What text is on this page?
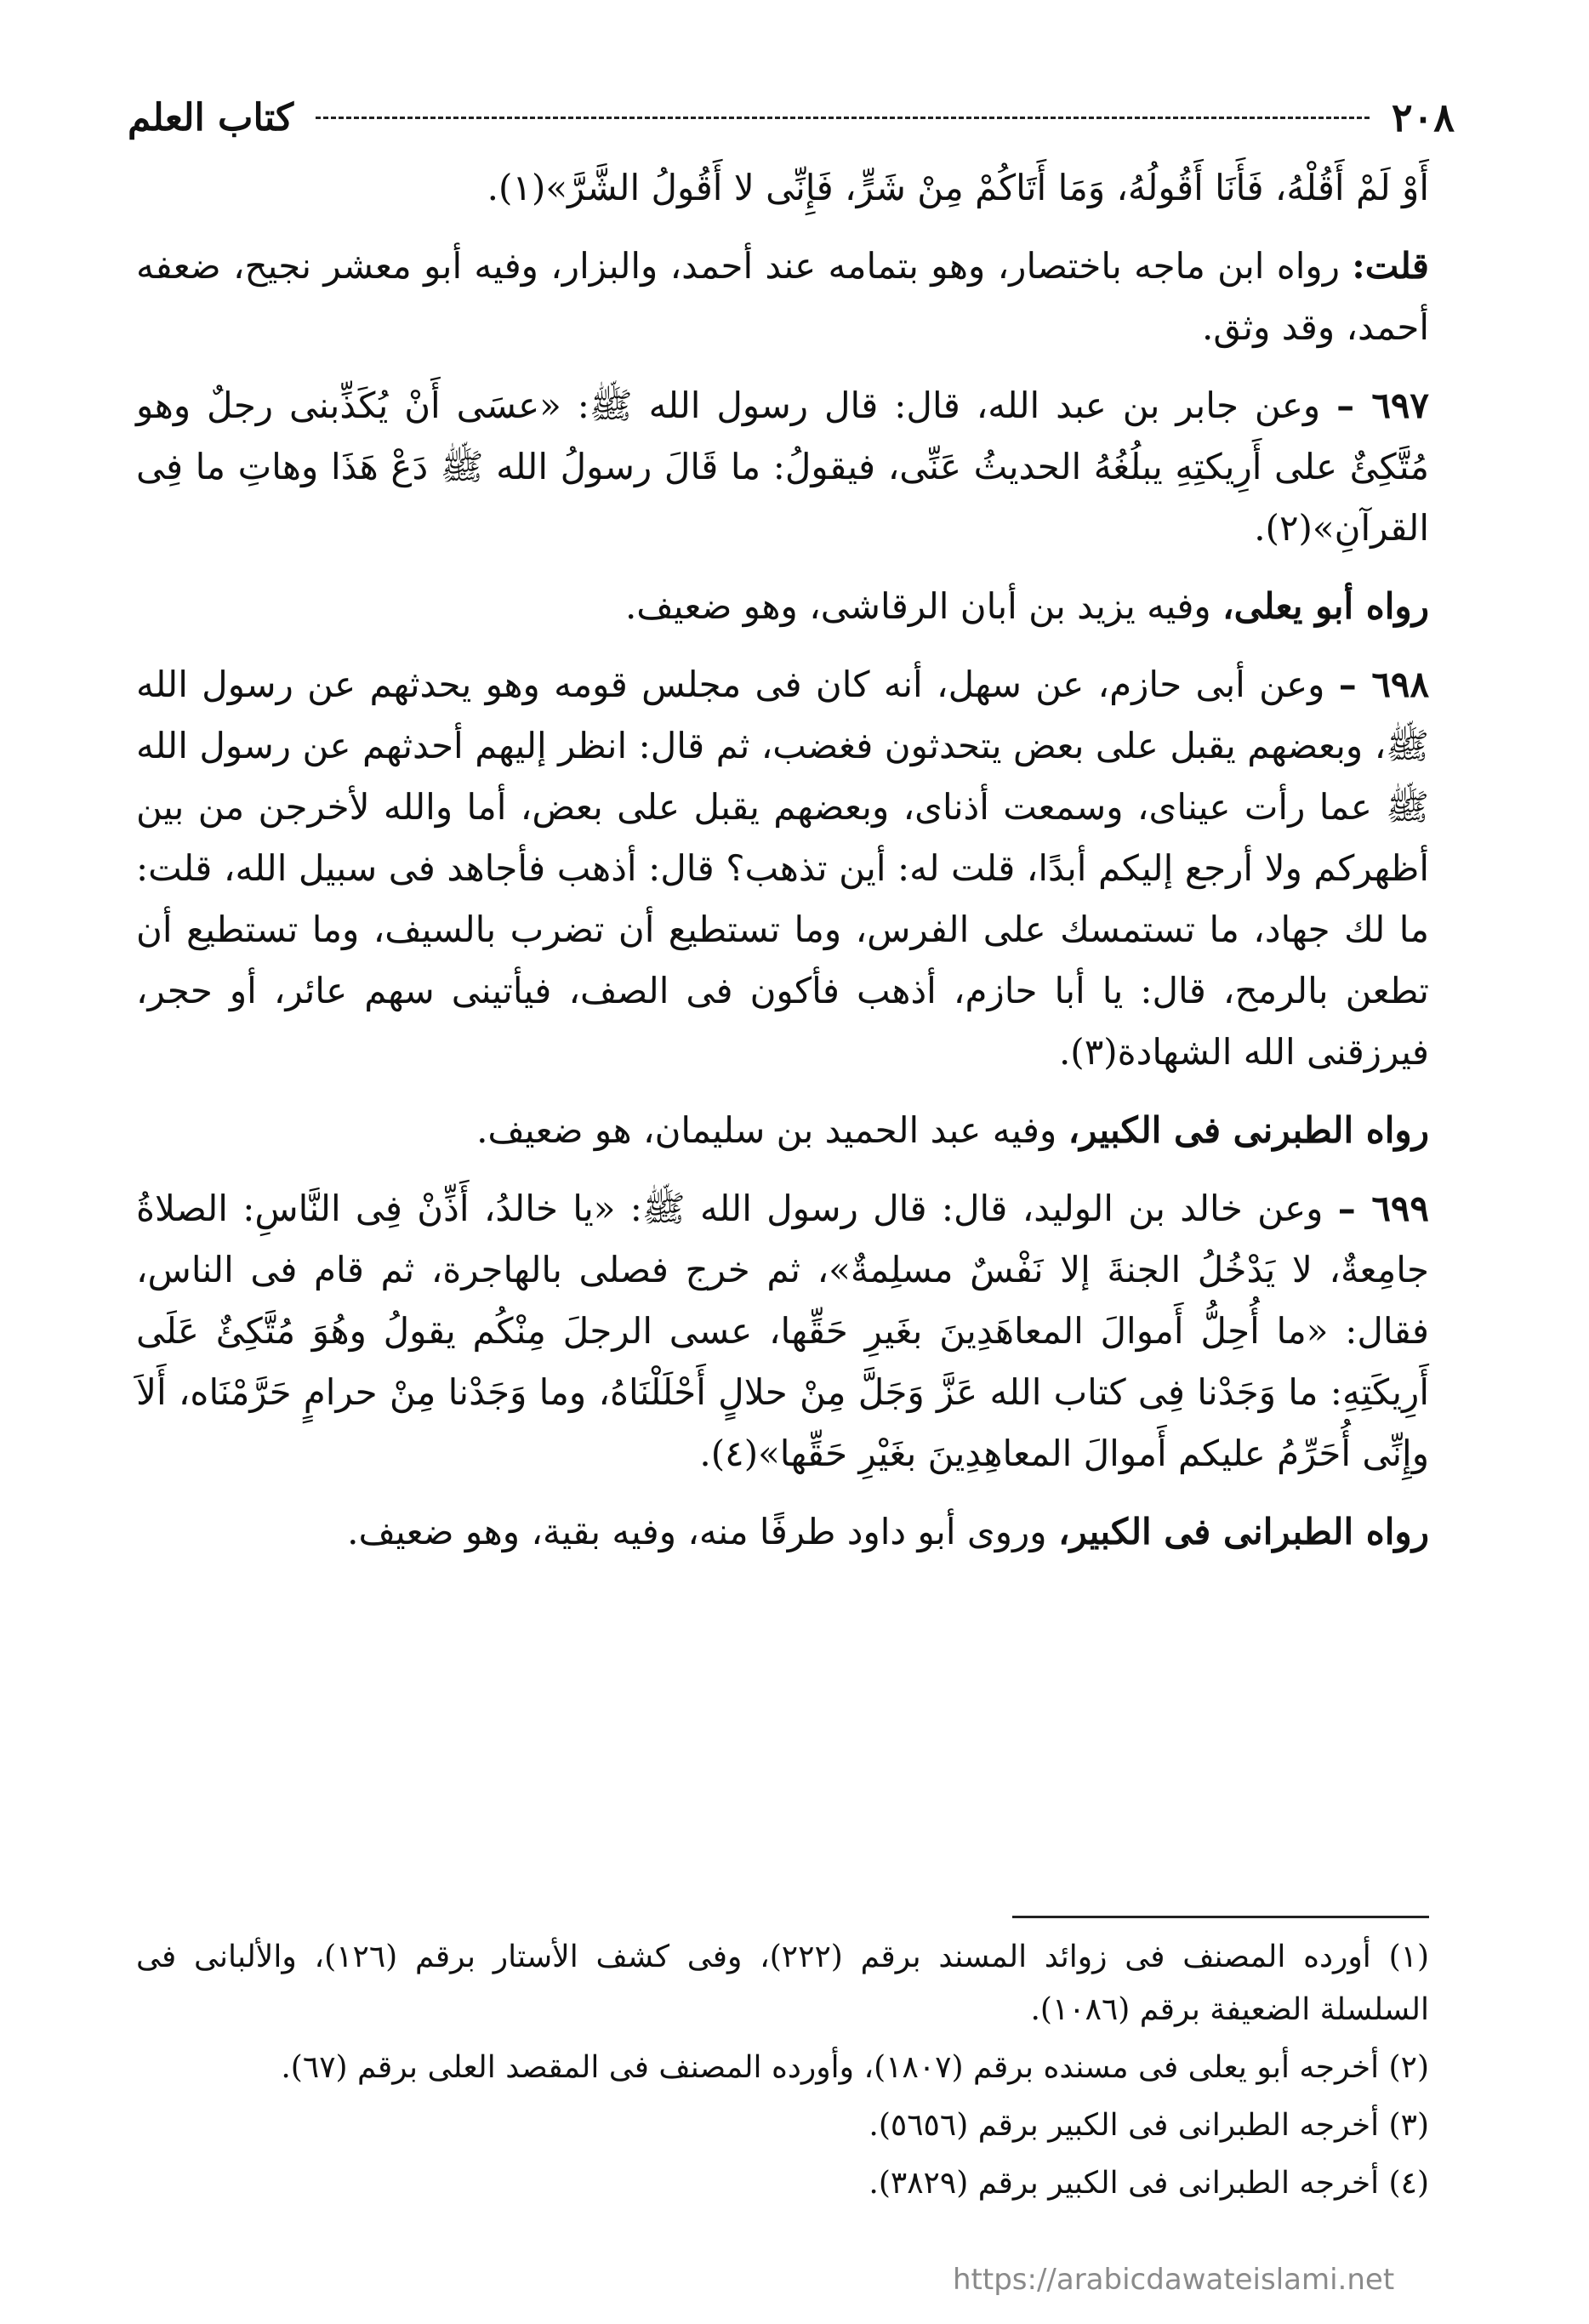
٢٠٨
كتاب العلم

أَوْ لَمْ أَقُلْهُ، فَأَنَا أَقُولُهُ، وَمَا أَتَاكُمْ مِنْ شَرٍّ، فَإِنِّى لا أَقُولُ الشَّرَّ»(١).

قلت: رواه ابن ماجه باختصار، وهو بتمامه عند أحمد، والبزار، وفيه أبو معشر نجيح، ضعفه أحمد، وقد وثق.

٦٩٧ – وعن جابر بن عبد الله، قال: قال رسول الله ﷺ: «عسَى أَنْ يُكَذِّبنى رجلٌ وهو مُتَّكِئٌ على أَرِيكتِهِ يبلُغُهُ الحديثُ عَنِّى، فيقولُ: ما قَالَ رسولُ الله ﷺ دَعْ هَذَا وهاتِ ما فِى القرآنِ»(٢).

رواه أبو يعلى، وفيه يزيد بن أبان الرقاشى، وهو ضعيف.

٦٩٨ – وعن أبى حازم، عن سهل، أنه كان فى مجلس قومه وهو يحدثهم عن رسول الله ﷺ، وبعضهم يقبل على بعض يتحدثون فغضب، ثم قال: انظر إليهم أحدثهم عن رسول الله ﷺ عما رأت عيناى، وسمعت أذناى، وبعضهم يقبل على بعض، أما والله لأخرجن من بين أظهركم ولا أرجع إليكم أبدًا، قلت له: أين تذهب؟ قال: أذهب فأجاهد فى سبيل الله، قلت: ما لك جهاد، ما تستمسك على الفرس، وما تستطيع أن تضرب بالسيف، وما تستطيع أن تطعن بالرمح، قال: يا أبا حازم، أذهب فأكون فى الصف، فيأتينى سهم عائر، أو حجر، فيرزقنى الله الشهادة(٣).

رواه الطبرنى فى الكبير، وفيه عبد الحميد بن سليمان، هو ضعيف.

٦٩٩ – وعن خالد بن الوليد، قال: قال رسول الله ﷺ: «يا خالدُ، أَذِّنْ فِى النَّاسِ: الصلاةُ جامِعةٌ، لا يَدْخُلُ الجنةَ إلا نَفْسٌ مسلِمةٌ»، ثم خرج فصلى بالهاجرة، ثم قام فى الناس، فقال: «ما أُحِلُّ أَموالَ المعاهَدِينَ بغَيرِ حَقِّها، عسى الرجلَ مِنْكُم يقولُ وهُوَ مُتَّكِئٌ عَلَى أَرِيكَتِهِ: ما وَجَدْنا فِى كتاب الله عَزَّ وَجَلَّ مِنْ حلالٍ أَحْلَلْنَاهُ، وما وَجَدْنا مِنْ حرامٍ حَرَّمْنَاه، أَلاَ وإِنِّى أُحَرِّمُ عليكم أَموالَ المعاهِدِينَ بغَيْرِ حَقِّها»(٤).

رواه الطبرانى فى الكبير، وروى أبو داود طرفًا منه، وفيه بقية، وهو ضعيف.

(١) أورده المصنف فى زوائد المسند برقم (٢٢٢)، وفى كشف الأستار برقم (١٢٦)، والألبانى فى السلسلة الضعيفة برقم (١٠٨٦).

(٢) أخرجه أبو يعلى فى مسنده برقم (١٨٠٧)، وأورده المصنف فى المقصد العلى برقم (٦٧).

(٣) أخرجه الطبرانى فى الكبير برقم (٥٦٥٦).

(٤) أخرجه الطبرانى فى الكبير برقم (٣٨٢٩).

https://arabicdawateislami.net
